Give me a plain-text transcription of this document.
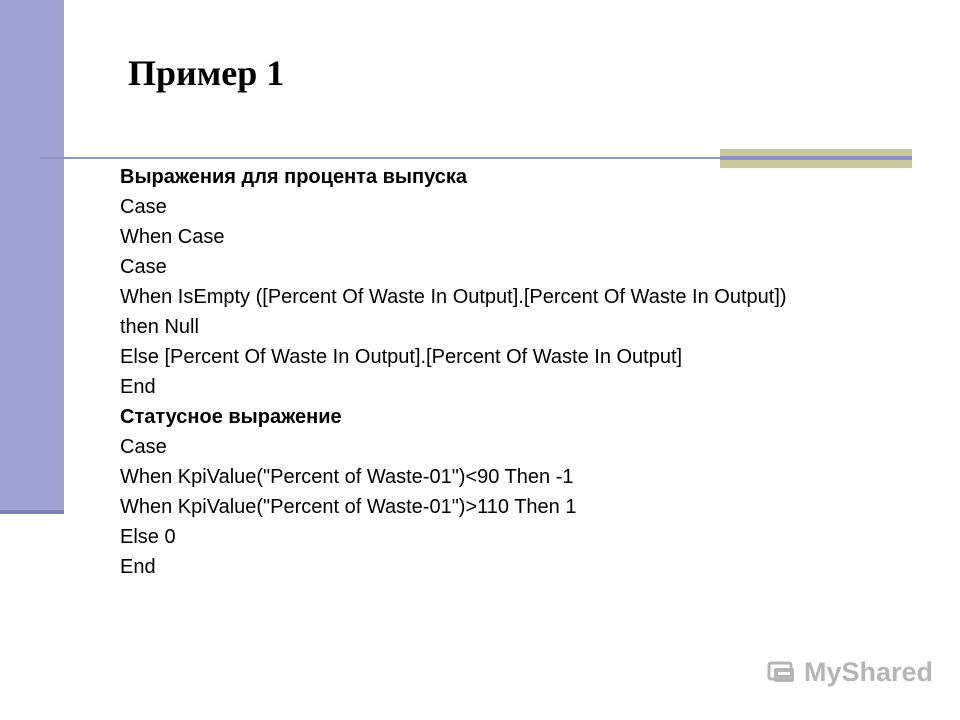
Пример 1
Выражения для процента выпуска
Case
When Case
Case
When IsEmpty ([Percent Of Waste In Output].[Percent Of Waste In Output])
then Null
Else [Percent Of Waste In Output].[Percent Of Waste In Output]
End
Статусное выражение
Case
When KpiValue("Percent of Waste-01")<90 Then -1
When KpiValue("Percent of Waste-01")>110 Then 1
Else 0
End
MyShared
